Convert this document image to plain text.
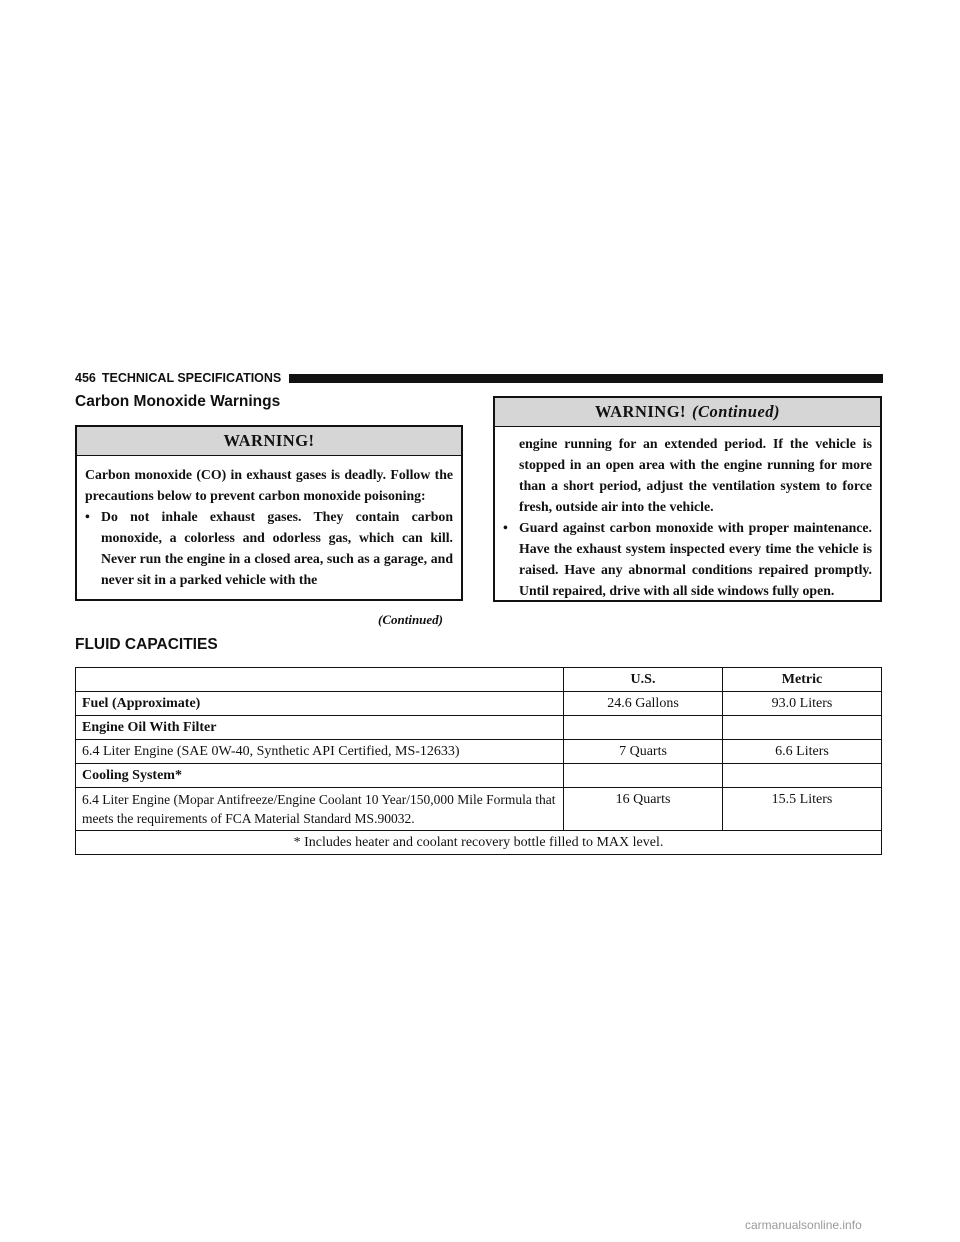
456 TECHNICAL SPECIFICATIONS
Carbon Monoxide Warnings
WARNING!

Carbon monoxide (CO) in exhaust gases is deadly. Follow the precautions below to prevent carbon monoxide poisoning:

• Do not inhale exhaust gases. They contain carbon monoxide, a colorless and odorless gas, which can kill. Never run the engine in a closed area, such as a garage, and never sit in a parked vehicle with the
(Continued)
WARNING! (Continued)
engine running for an extended period. If the vehicle is stopped in an open area with the engine running for more than a short period, adjust the ventilation system to force fresh, outside air into the vehicle.
• Guard against carbon monoxide with proper maintenance. Have the exhaust system inspected every time the vehicle is raised. Have any abnormal conditions repaired promptly. Until repaired, drive with all side windows fully open.
FLUID CAPACITIES
	U.S.	Metric
Fuel (Approximate)	24.6 Gallons	93.0 Liters
Engine Oil With Filter		
6.4 Liter Engine (SAE 0W-40, Synthetic API Certified, MS-12633)	7 Quarts	6.6 Liters
Cooling System*		
6.4 Liter Engine (Mopar Antifreeze/Engine Coolant 10 Year/150,000 Mile Formula that meets the requirements of FCA Material Standard MS.90032.	16 Quarts	15.5 Liters
* Includes heater and coolant recovery bottle filled to MAX level.		
carmanualsonline.info
